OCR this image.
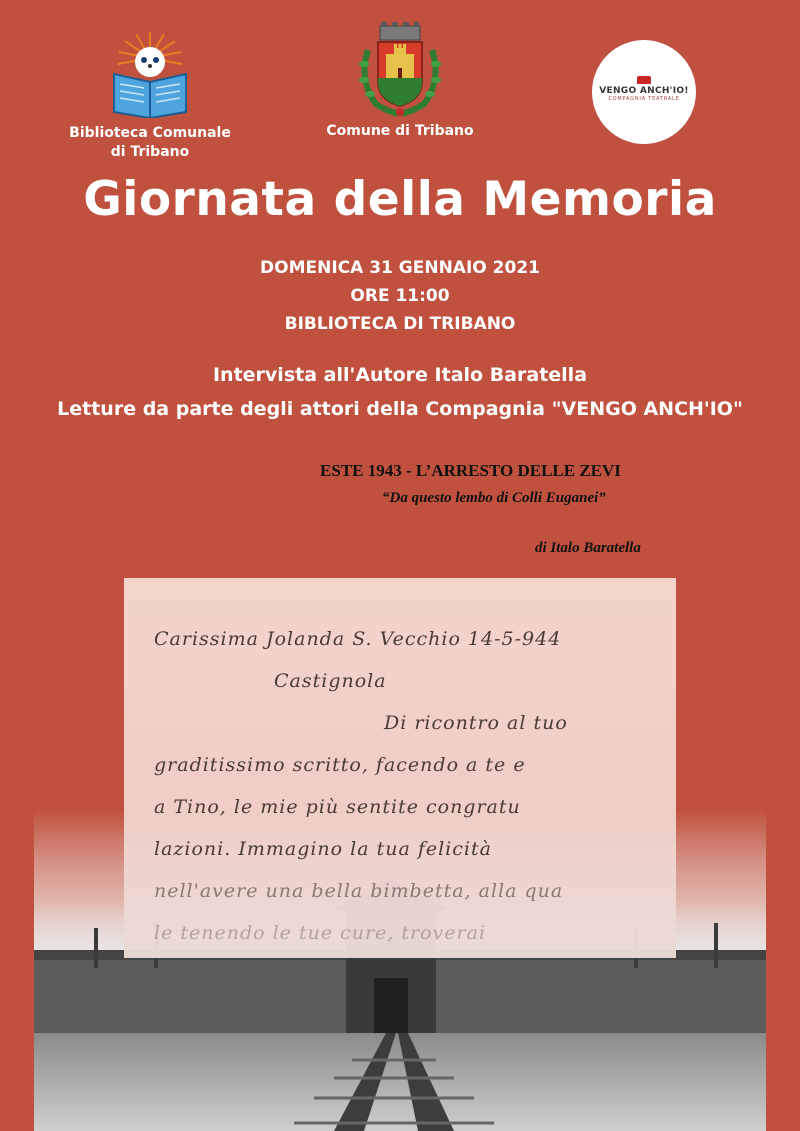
Biblioteca Comunale
di Tribano
Comune di Tribano
VENGO ANCH'IO!
COMPAGNIA TEATRALE
Giornata della Memoria
DOMENICA 31 GENNAIO 2021
ORE 11:00
BIBLIOTECA DI TRIBANO
Intervista all'Autore Italo Baratella
Letture da parte degli attori della Compagnia "VENGO ANCH'IO"
ESTE 1943 - L’ARRESTO DELLE ZEVI
“Da questo lembo di Colli Euganei”
di Italo Baratella
Carissima Jolanda S. Vecchio 14-5-944
Castignola
Di ricontro al tuo
graditissimo scritto, facendo a te e
a Tino, le mie più sentite congratu
lazioni. Immagino la tua felicità
nell'avere una bella bimbetta, alla qua
le tenendo le tue cure, troverai
